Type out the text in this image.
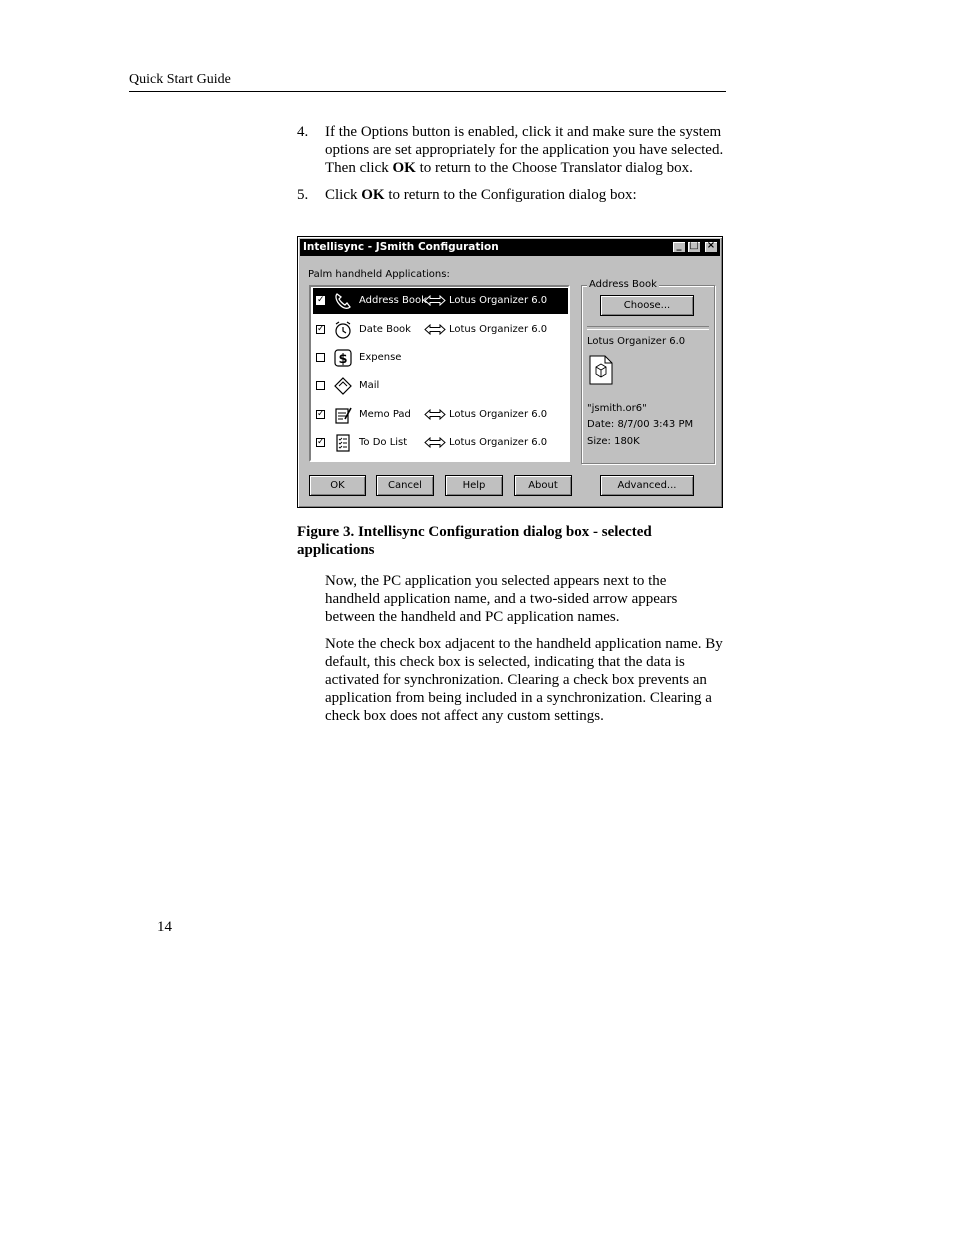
Quick Start Guide
4. If the Options button is enabled, click it and make sure the system options are set appropriately for the application you have selected. Then click OK to return to the Choose Translator dialog box.
5. Click OK to return to the Configuration dialog box:
Intellisync - JSmith Configuration	_ □ ×
Palm handheld Applications:
✓	Address Book Lotus Organizer 6.0
✓	Date Book	Lotus Organizer 6.0
$ Expense
Mail
✓	Memo Pad	Lotus Organizer 6.0
✓	To Do List	Lotus Organizer 6.0
Address Book
Choose...
Lotus Organizer 6.0
"jsmith.or6"
Date: 8/7/00 3:43 PM
Size: 180K
OK	Cancel	Help	About	Advanced...
Figure 3. Intellisync Configuration dialog box - selected applications
Now, the PC application you selected appears next to the handheld application name, and a two-sided arrow appears between the handheld and PC application names.
Note the check box adjacent to the handheld application name. By default, this check box is selected, indicating that the data is activated for synchronization. Clearing a check box prevents an application from being included in a synchronization. Clearing a check box does not affect any custom settings.
14
